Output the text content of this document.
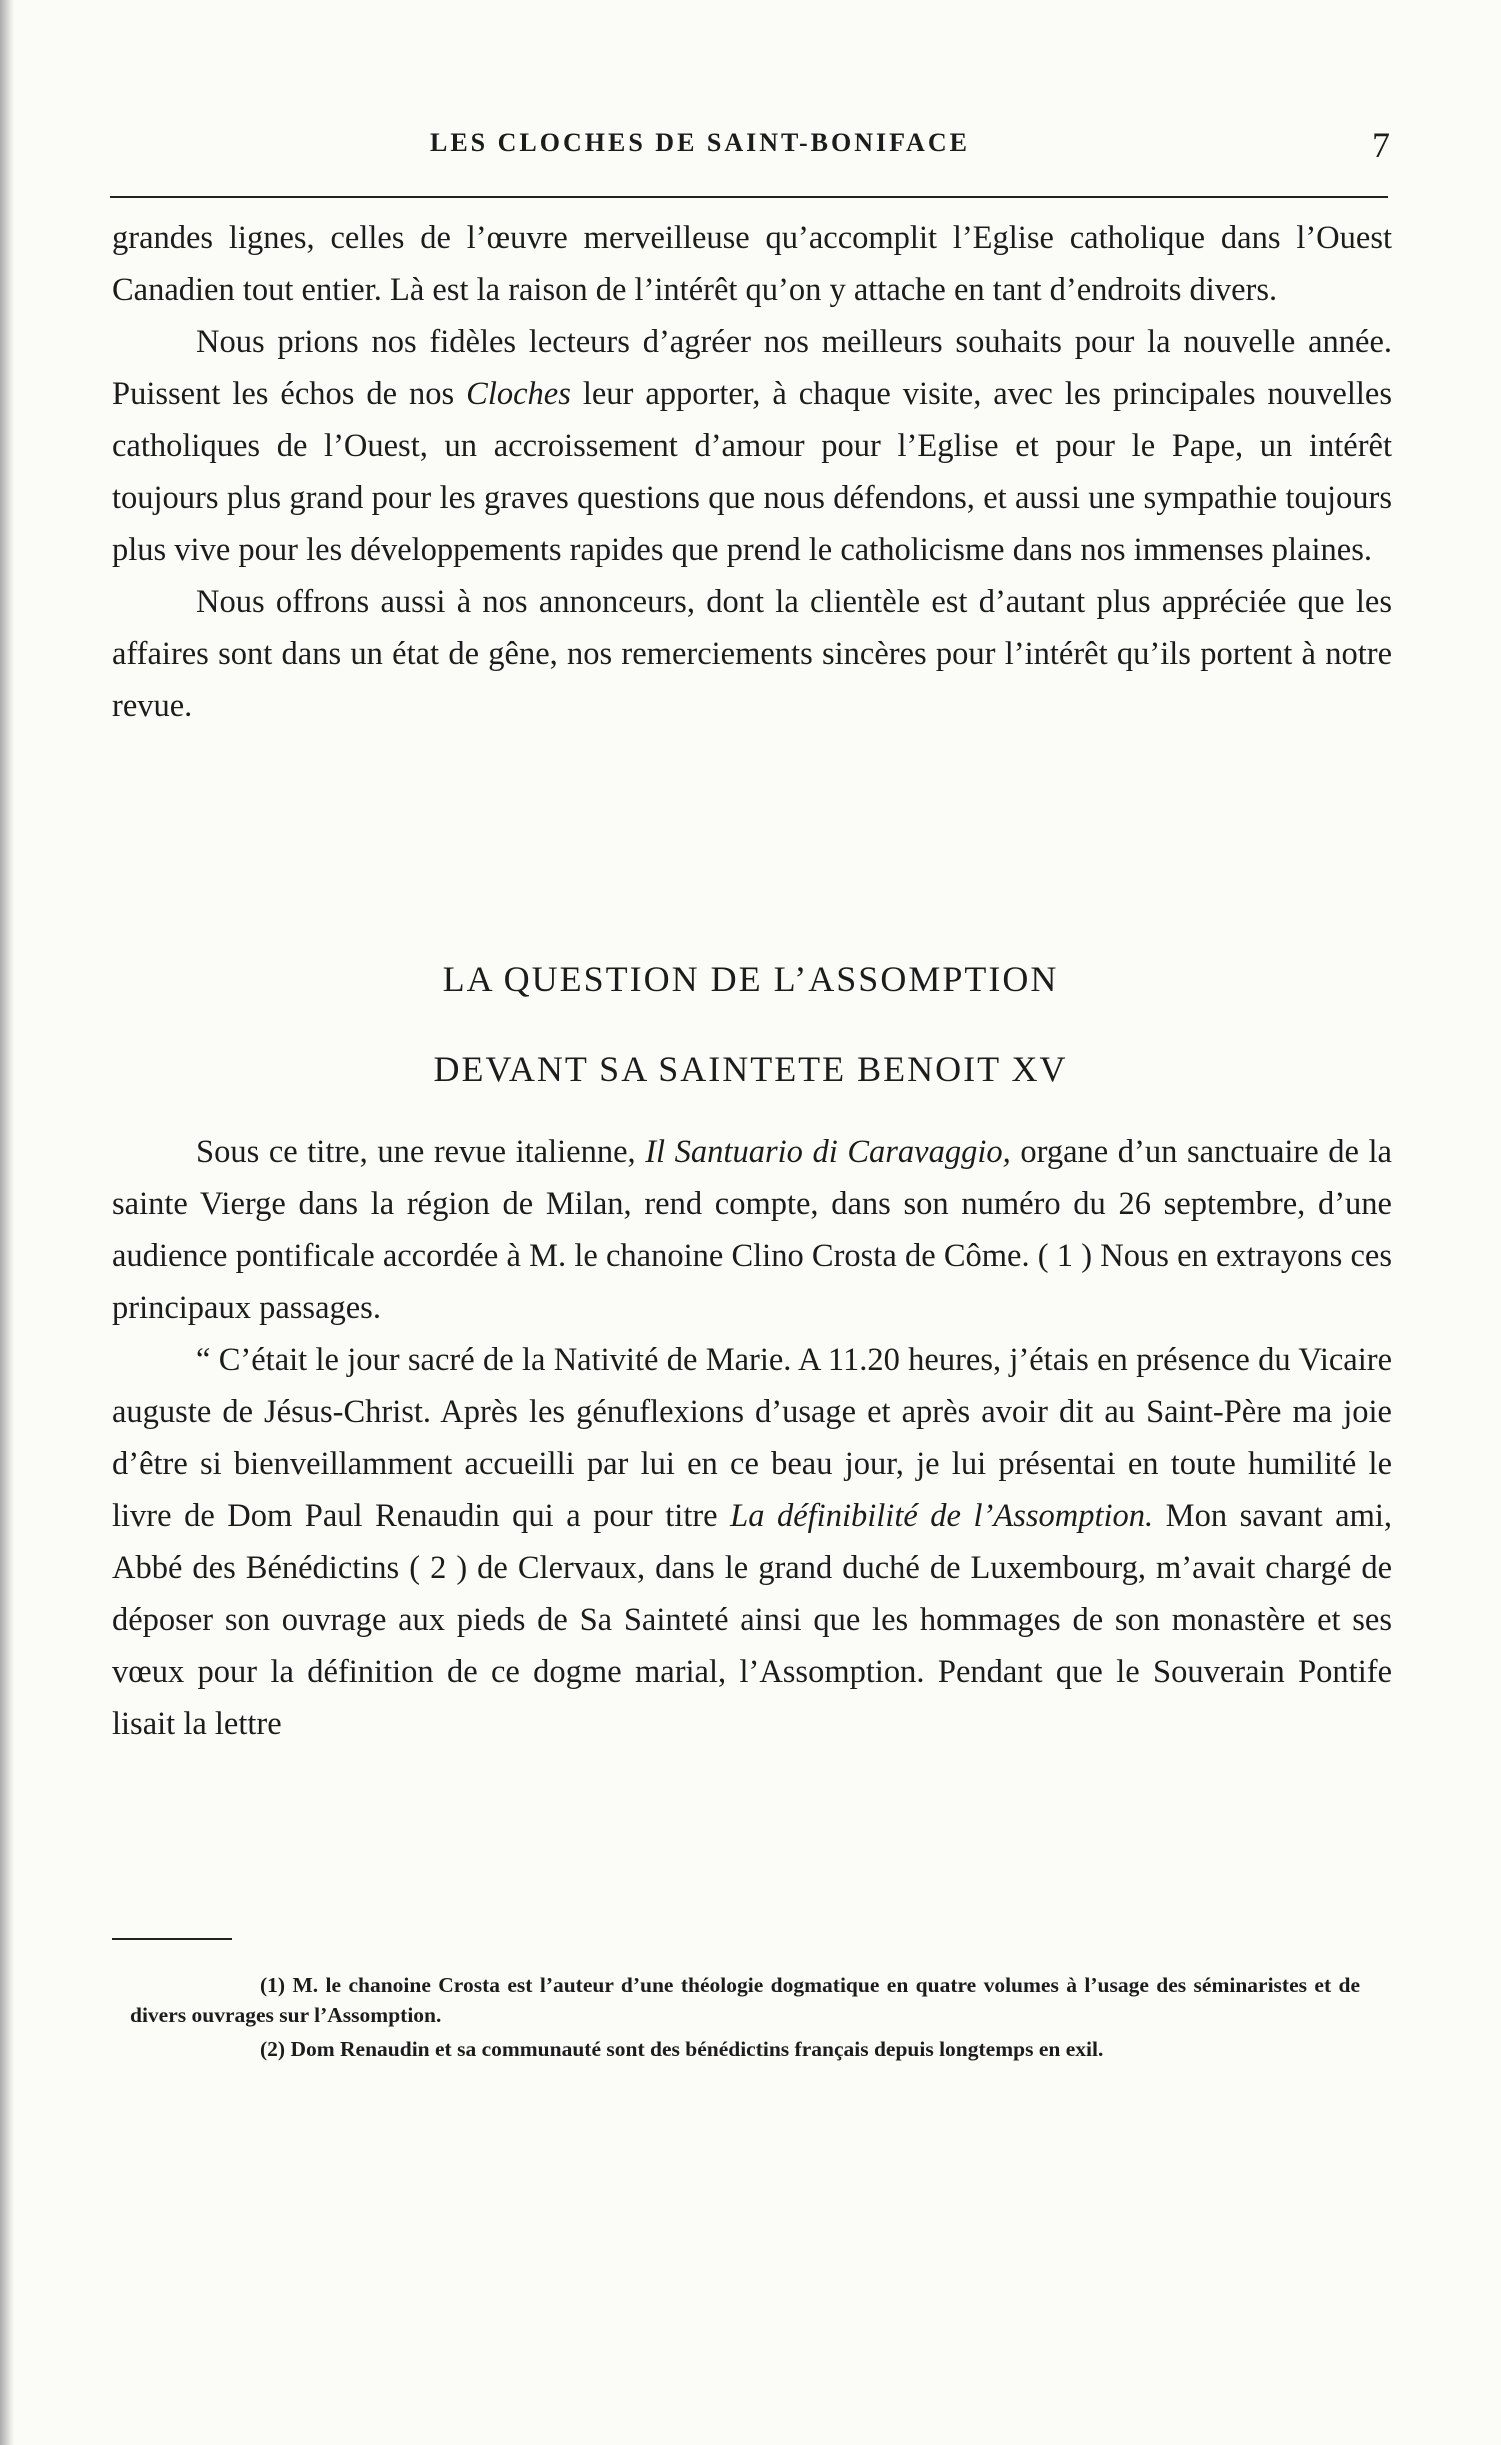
LES CLOCHES DE SAINT-BONIFACE	7

grandes lignes, celles de l’œuvre merveilleuse qu’accomplit l’Eglise catholique dans l’Ouest Canadien tout entier. Là est la raison de l’intérêt qu’on y attache en tant d’endroits divers.

Nous prions nos fidèles lecteurs d’agréer nos meilleurs souhaits pour la nouvelle année. Puissent les échos de nos Cloches leur apporter, à chaque visite, avec les principales nouvelles catholiques de l’Ouest, un accroissement d’amour pour l’Eglise et pour le Pape, un intérêt toujours plus grand pour les graves questions que nous défendons, et aussi une sympathie toujours plus vive pour les développements rapides que prend le catholicisme dans nos immenses plaines.

Nous offrons aussi à nos annonceurs, dont la clientèle est d’autant plus appréciée que les affaires sont dans un état de gêne, nos remerciements sincères pour l’intérêt qu’ils portent à notre revue.

LA QUESTION DE L’ASSOMPTION
DEVANT SA SAINTETE BENOIT XV

Sous ce titre, une revue italienne, Il Santuario di Caravaggio, organe d’un sanctuaire de la sainte Vierge dans la région de Milan, rend compte, dans son numéro du 26 septembre, d’une audience pontificale accordée à M. le chanoine Clino Crosta de Côme. ( 1 ) Nous en extrayons ces principaux passages.

“ C’était le jour sacré de la Nativité de Marie. A 11.20 heures, j’étais en présence du Vicaire auguste de Jésus-Christ. Après les génuflexions d’usage et après avoir dit au Saint-Père ma joie d’être si bienveillamment accueilli par lui en ce beau jour, je lui présentai en toute humilité le livre de Dom Paul Renaudin qui a pour titre La définibilité de l’Assomption. Mon savant ami, Abbé des Bénédictins ( 2 ) de Clervaux, dans le grand duché de Luxembourg, m’avait chargé de déposer son ouvrage aux pieds de Sa Sainteté ainsi que les hommages de son monastère et ses vœux pour la définition de ce dogme marial, l’Assomption. Pendant que le Souverain Pontife lisait la lettre

(1) M. le chanoine Crosta est l’auteur d’une théologie dogmatique en quatre volumes à l’usage des séminaristes et de divers ouvrages sur l’Assomption.

(2) Dom Renaudin et sa communauté sont des bénédictins français depuis longtemps en exil.
